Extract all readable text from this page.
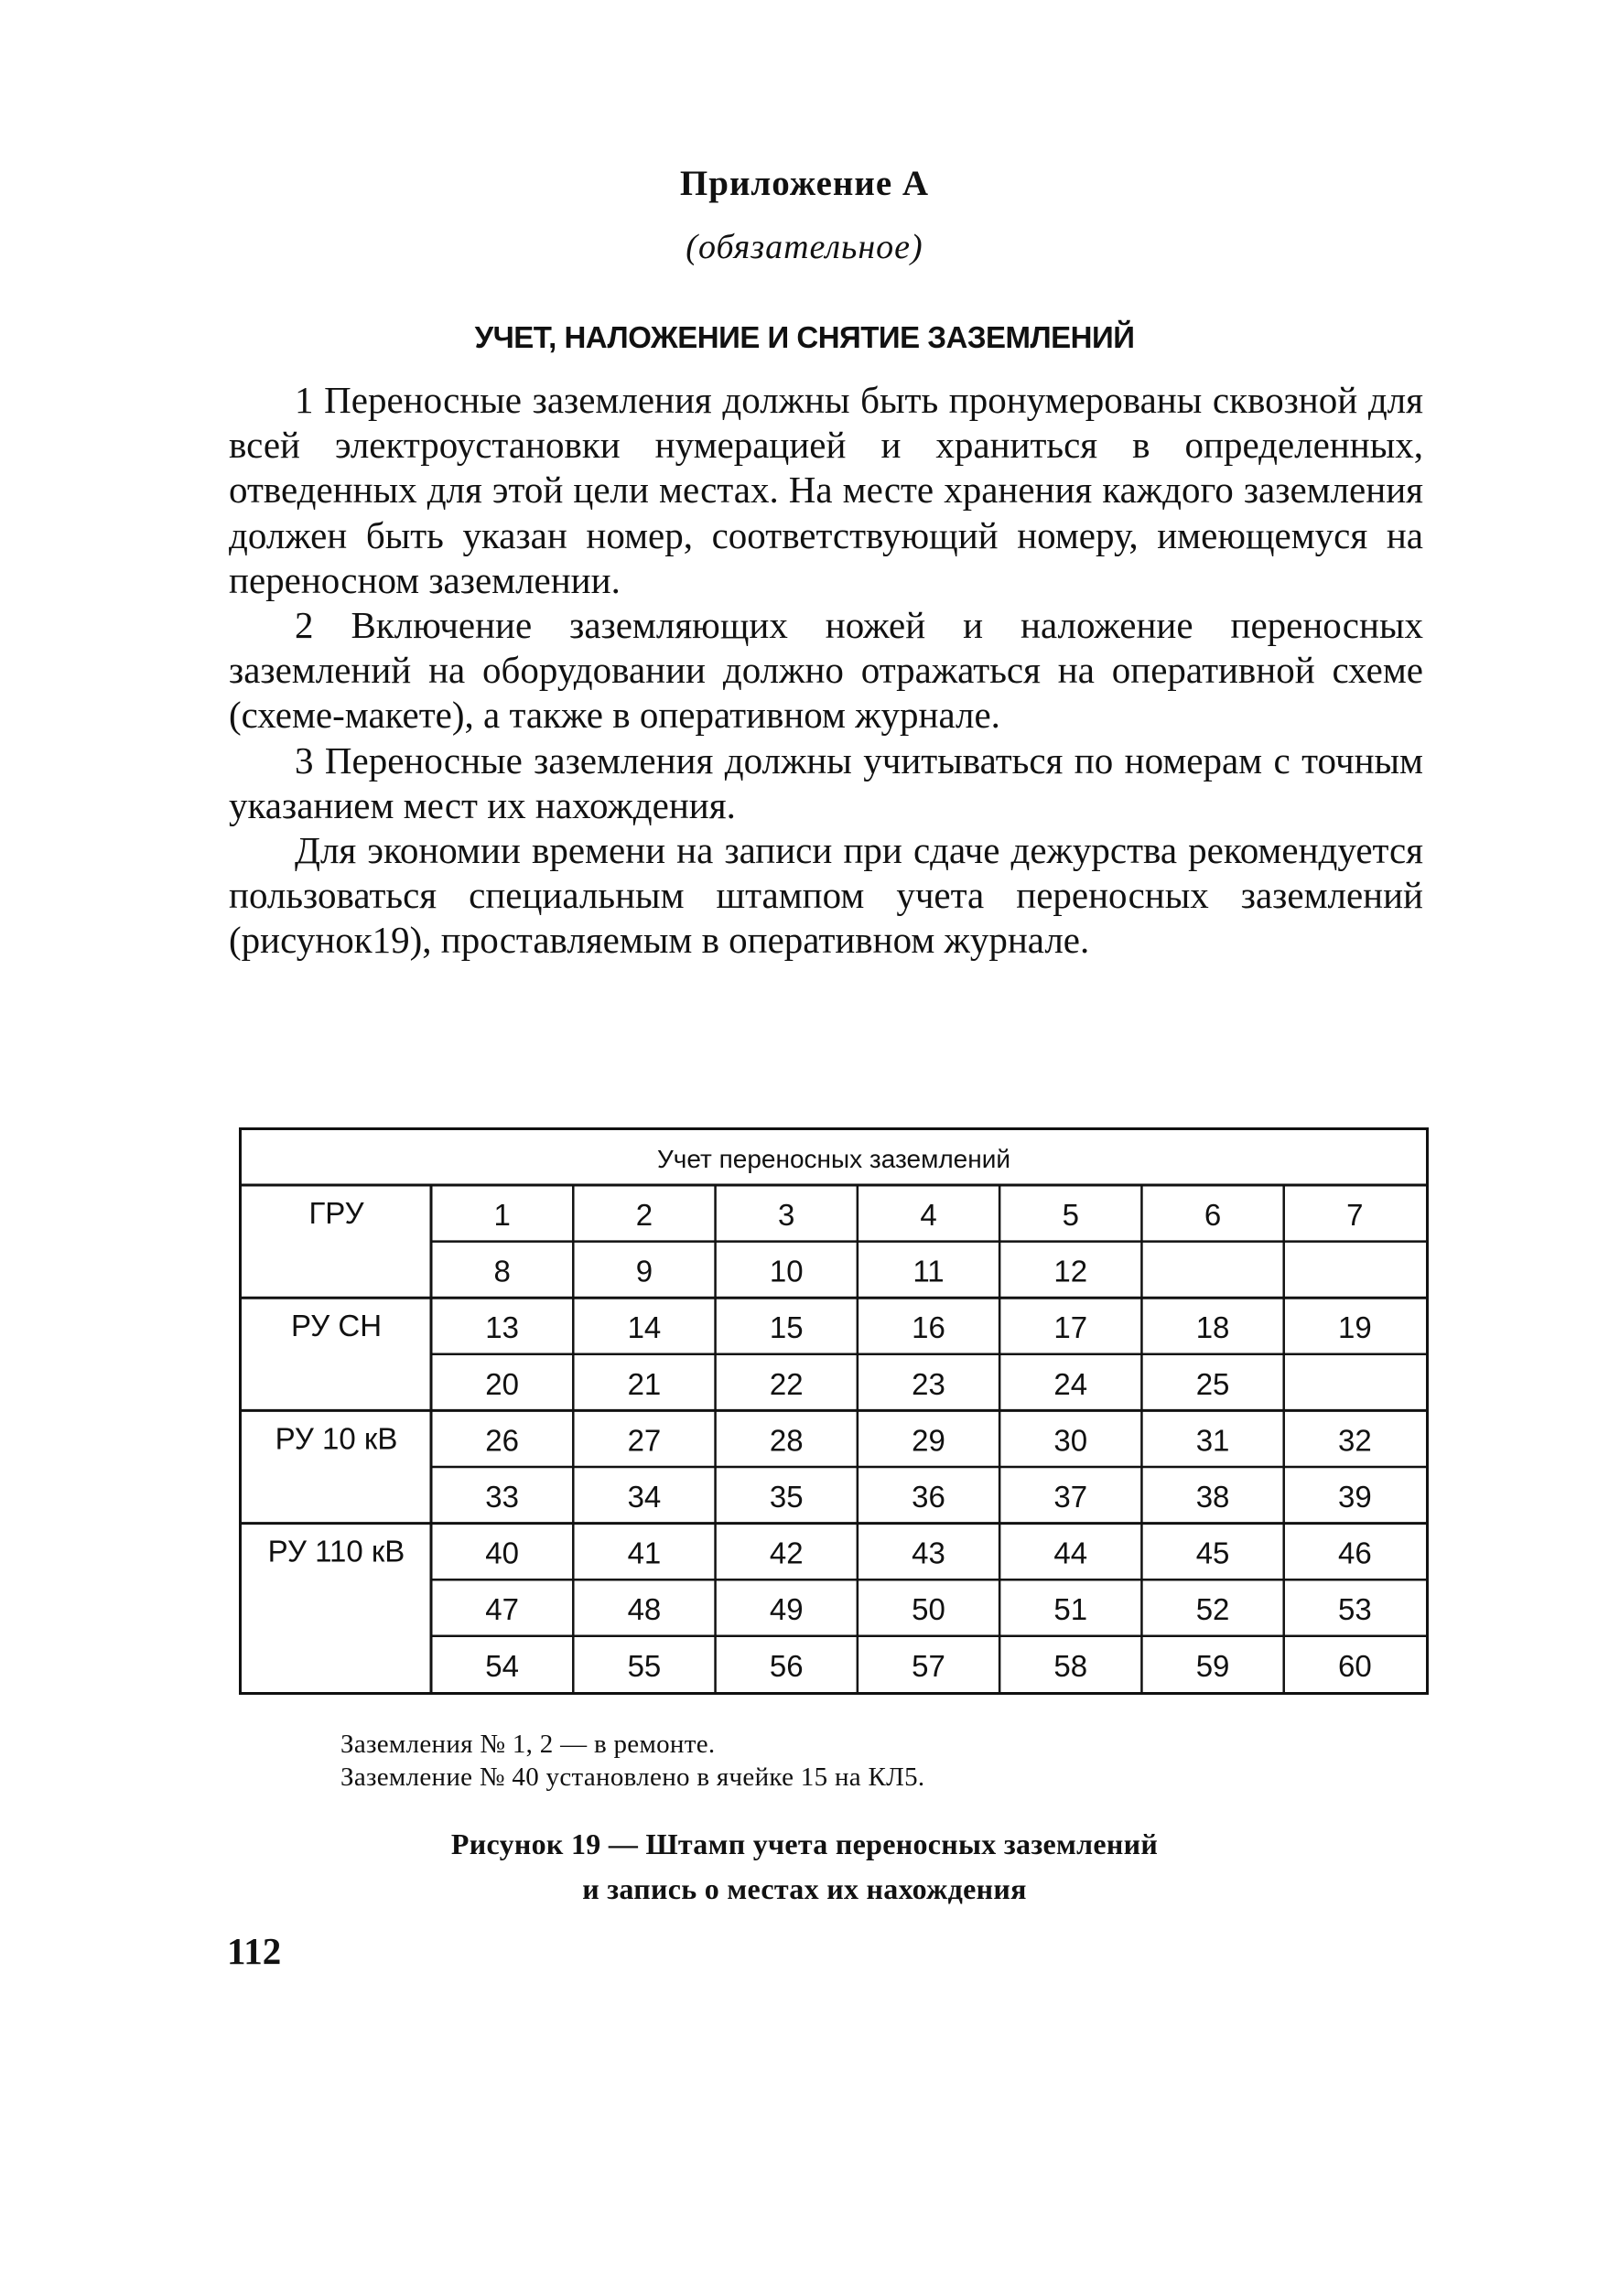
Приложение А
(обязательное)
УЧЕТ, НАЛОЖЕНИЕ И СНЯТИЕ ЗАЗЕМЛЕНИЙ

1 Переносные заземления должны быть пронумерованы сквозной для всей электроустановки нумерацией и храниться в определенных, отведенных для этой цели местах. На месте хранения каждого заземления должен быть указан номер, соответствующий номеру, имеющемуся на переносном заземлении.

2 Включение заземляющих ножей и наложение переносных заземлений на оборудовании должно отражаться на оперативной схеме (схеме-макете), а также в оперативном журнале.

3 Переносные заземления должны учитываться по номерам с точным указанием мест их нахождения.

Для экономии времени на записи при сдаче дежурства рекомендуется пользоваться специальным штампом учета переносных заземлений (рисунок19), проставляемым в оперативном журнале.

Учет переносных заземлений
ГРУ	1	2	3	4	5	6	7
8	9	10	11	12
РУ СН	13	14	15	16	17	18	19
20	21	22	23	24	25
РУ 10 кВ	26	27	28	29	30	31	32
33	34	35	36	37	38	39
РУ 110 кВ	40	41	42	43	44	45	46
47	48	49	50	51	52	53
54	55	56	57	58	59	60
Заземления № 1, 2 — в ремонте.
Заземление № 40 установлено в ячейке 15 на КЛ5.
Рисунок 19 — Штамп учета переносных заземлений
и запись о местах их нахождения
112
